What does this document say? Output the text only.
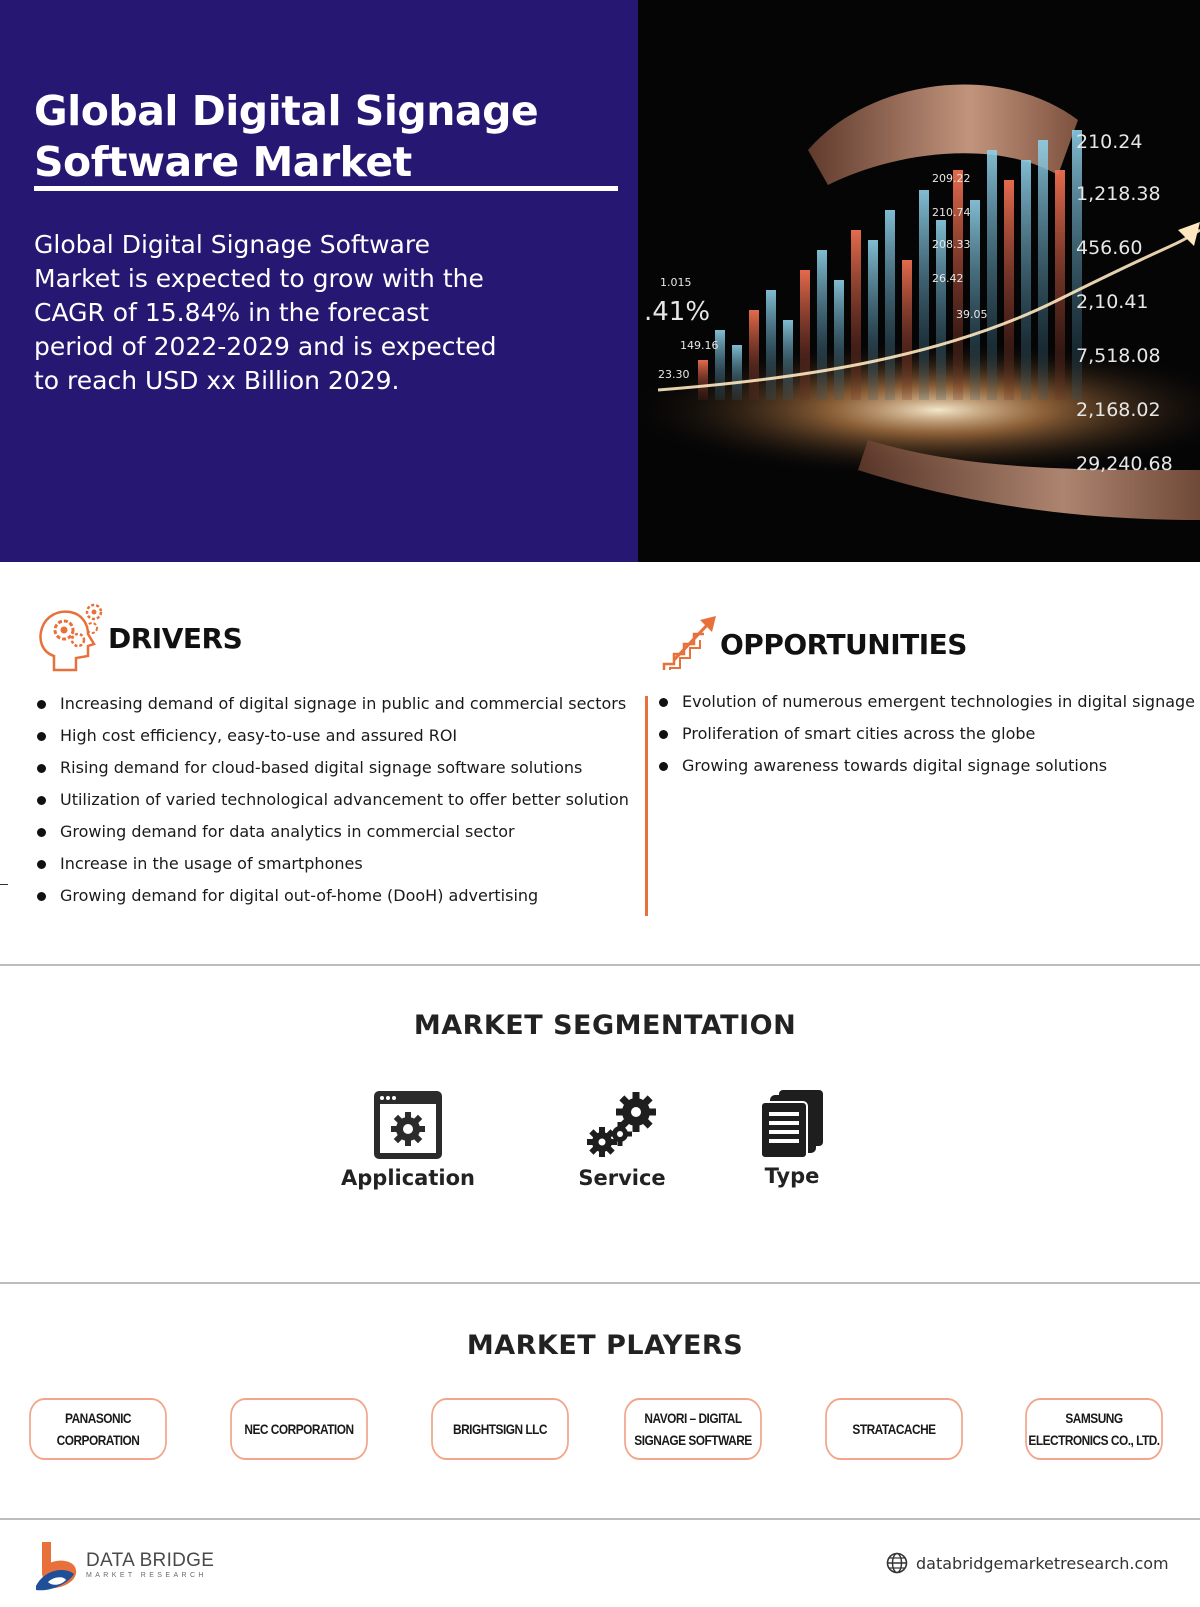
Global Digital Signage Software Market
Global Digital Signage Software Market is expected to grow with the CAGR of 15.84% in the forecast period of 2022-2029 and is expected to reach USD xx Billion 2029.
210.24
1,218.38
456.60
2,10.41
7,518.08
2,168.02
29,240.68
209.22
210.74
208.33
26.42
1.015
149.16
23.30
39.05
.41%
DRIVERS
Increasing demand of digital signage in public and commercial sectors
High cost efficiency, easy-to-use and assured ROI
Rising demand for cloud-based digital signage software solutions
Utilization of varied technological advancement to offer better solution
Growing demand for data analytics in commercial sector
Increase in the usage of smartphones
Growing demand for digital out-of-home (DooH) advertising
OPPORTUNITIES
Evolution of numerous emergent technologies in digital signage
Proliferation of smart cities across the globe
Growing awareness towards digital signage solutions
MARKET SEGMENTATION
Application	Service	Type
MARKET PLAYERS
PANASONIC CORPORATION
NEC CORPORATION	BRIGHTSIGN LLC
NAVORI – DIGITAL
SIGNAGE SOFTWARE
STRATACACHE
SAMSUNG
ELECTRONICS CO., LTD.
DATA BRIDGE
MARKET RESEARCH
databridgemarketresearch.com
